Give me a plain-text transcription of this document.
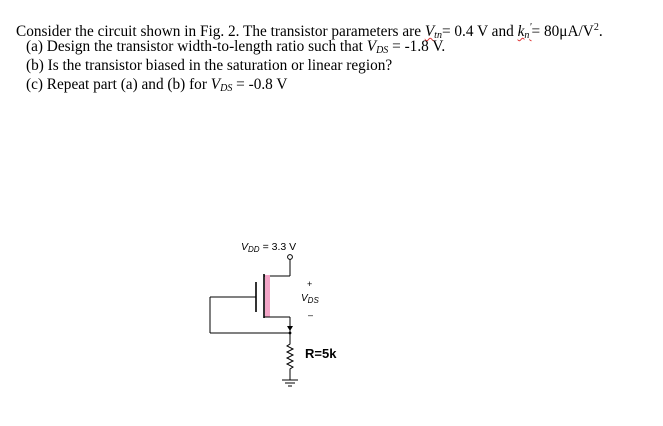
Consider the circuit shown in Fig. 2. The transistor parameters are $V_{tn}= 0.4$ V and $k_n'= 80\mu A/V^2$.
(a) Design the transistor width-to-length ratio such that $V_{DS} = -1.8$ V.
(b) Is the transistor biased in the saturation or linear region?
(c) Repeat part (a) and (b) for $V_{DS} = -0.8$ V
VDD = 3.3 V
+
$V_{DS}$
–
R=5k
